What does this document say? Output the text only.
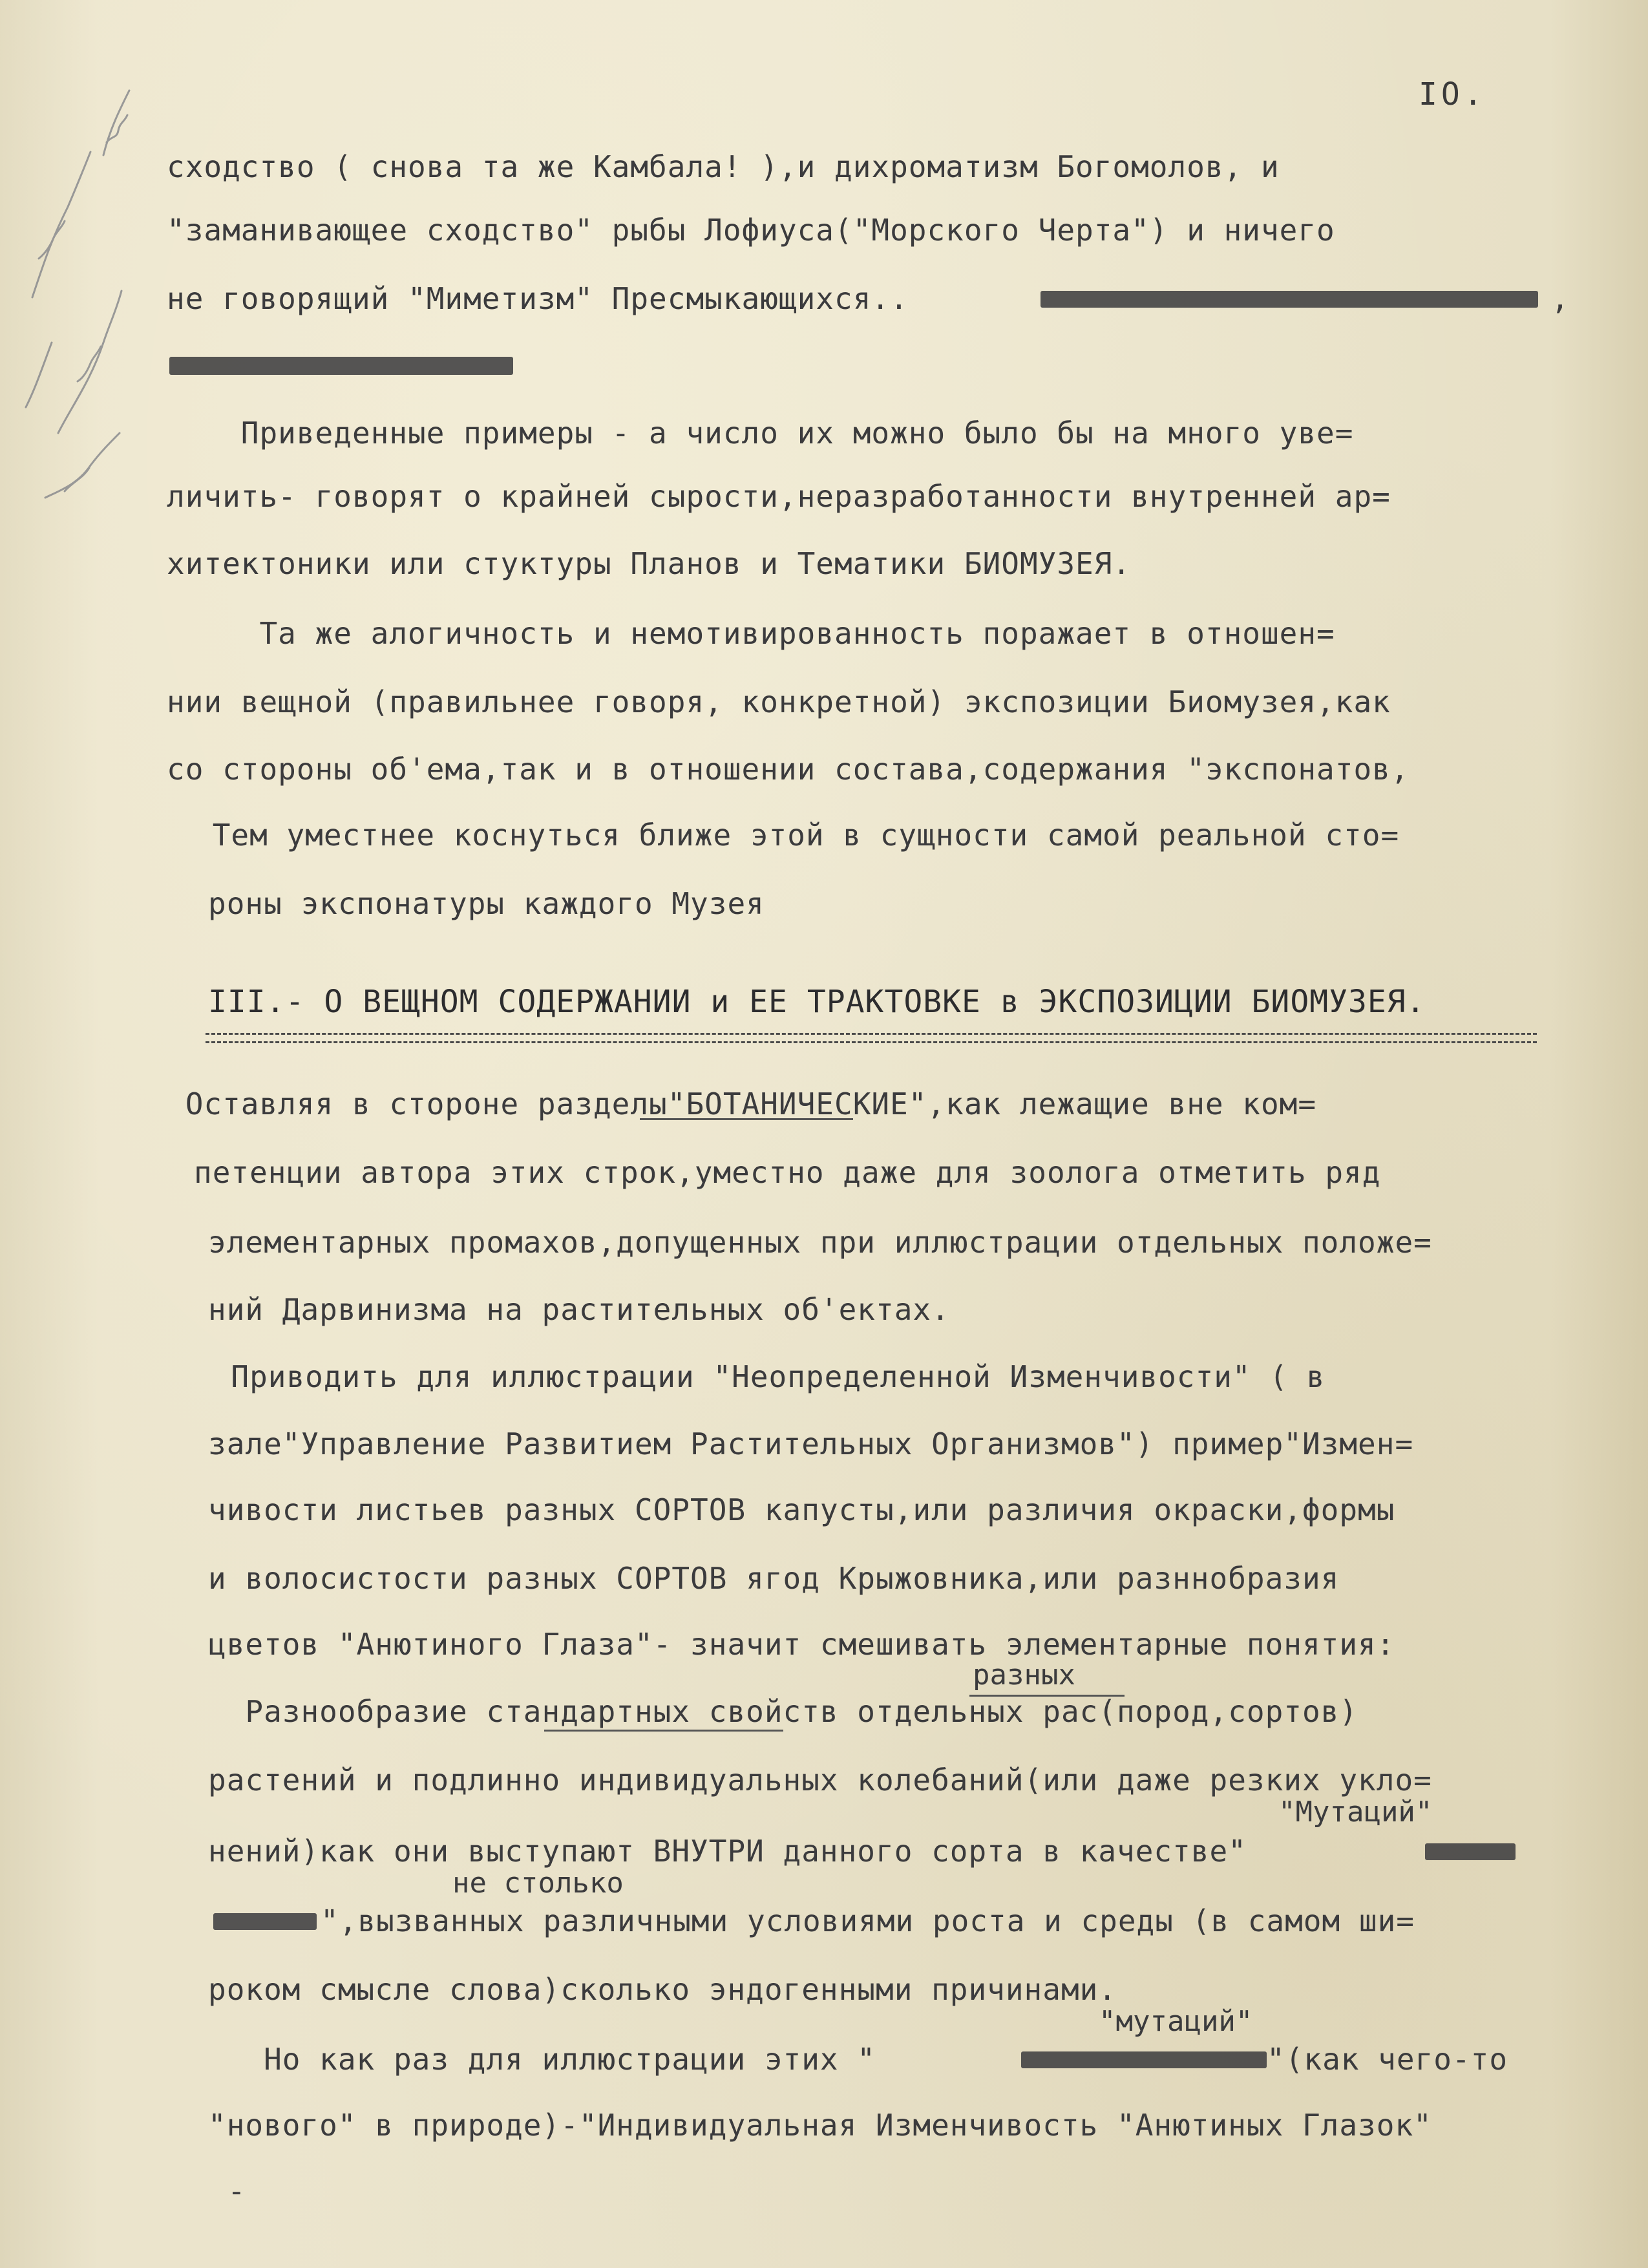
IO.
сходство ( снова та же Камбала! ),и дихроматизм Богомолов, и
"заманивающее сходство" рыбы Лофиуса("Морского Черта") и ничего
не говорящий "Миметизм" Пресмыкающихся..	,
Приведенные примеры - а число их можно было бы на много уве=
личить- говорят о крайней сырости,неразработанности внутренней ар=
хитектоники или стуктуры Планов и Тематики БИОМУЗЕЯ.
Та же алогичность и немотивированность поражает в отношен=
нии вещной (правильнее говоря, конкретной) экспозиции Биомузея,как
со стороны об'ема,так и в отношении состава,содержания "экспонатов,
Тем уместнее коснуться ближе этой в сущности самой реальной сто=
роны экспонатуры каждого Музея
III.- О ВЕЩНОМ СОДЕРЖАНИИ и ЕЕ ТРАКТОВКЕ в ЭКСПОЗИЦИИ БИОМУЗЕЯ.
Оставляя в стороне разделы"БОТАНИЧЕСКИЕ",как лежащие вне ком=
петенции автора этих строк,уместно даже для зоолога отметить ряд
элементарных промахов,допущенных при иллюстрации отдельных положе=
ний Дарвинизма на растительных об'ектах.
Приводить для иллюстрации "Неопределенной Изменчивости" ( в
зале"Управление Развитием Растительных Организмов") пример"Измен=
чивости листьев разных СОРТОВ капусты,или различия окраски,формы
и волосистости разных СОРТОВ ягод Крыжовника,или разннобразия
цветов "Анютиного Глаза"- значит смешивать элементарные понятия:
разных
Разнообразие стандартных свойств отдельных рас(пород,сортов)
растений и подлинно индивидуальных колебаний(или даже резких укло=
"Мутаций"
нений)как они выступают ВНУТРИ данного сорта в качестве"
не столько
",вызванных различными условиями роста и среды (в самом ши=
роком смысле слова)сколько эндогенными причинами.
"мутаций"
Но как раз для иллюстрации этих "	"(как чего-то
"нового" в природе)-"Индивидуальная Изменчивость "Анютиных Глазок"
-
